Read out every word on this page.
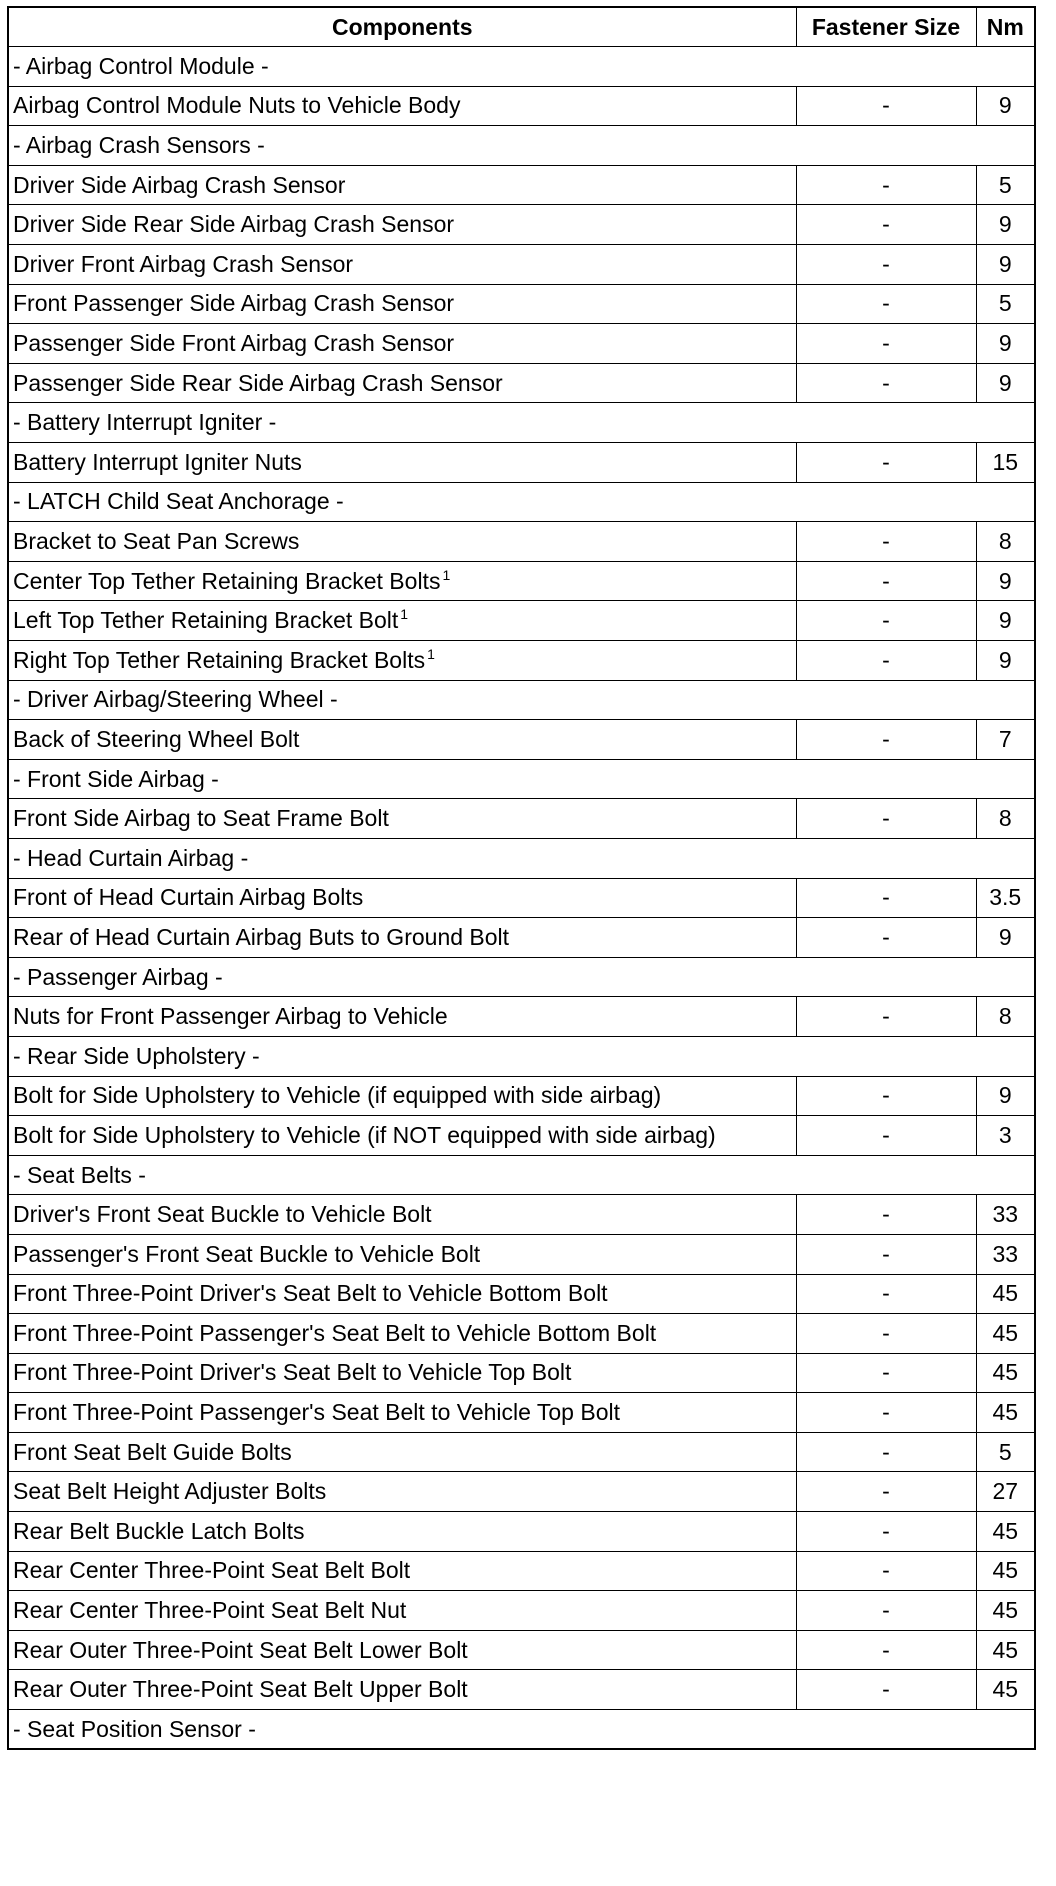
Components	Fastener Size	Nm
- Airbag Control Module -		
Airbag Control Module Nuts to Vehicle Body	-	9
- Airbag Crash Sensors -		
Driver Side Airbag Crash Sensor	-	5
Driver Side Rear Side Airbag Crash Sensor	-	9
Driver Front Airbag Crash Sensor	-	9
Front Passenger Side Airbag Crash Sensor	-	5
Passenger Side Front Airbag Crash Sensor	-	9
Passenger Side Rear Side Airbag Crash Sensor	-	9
- Battery Interrupt Igniter -		
Battery Interrupt Igniter Nuts	-	15
- LATCH Child Seat Anchorage -		
Bracket to Seat Pan Screws	-	8
Center Top Tether Retaining Bracket Bolts $^1$	-	9
Left Top Tether Retaining Bracket Bolt $^1$	-	9
Right Top Tether Retaining Bracket Bolts $^1$	-	9
- Driver Airbag/Steering Wheel -		
Back of Steering Wheel Bolt	-	7
- Front Side Airbag -		
Front Side Airbag to Seat Frame Bolt	-	8
- Head Curtain Airbag -		
Front of Head Curtain Airbag Bolts	-	3.5
Rear of Head Curtain Airbag Buts to Ground Bolt	-	9
- Passenger Airbag -		
Nuts for Front Passenger Airbag to Vehicle	-	8
- Rear Side Upholstery -		
Bolt for Side Upholstery to Vehicle (if equipped with side airbag)	-	9
Bolt for Side Upholstery to Vehicle (if NOT equipped with side airbag)	-	3
- Seat Belts -		
Driver's Front Seat Buckle to Vehicle Bolt	-	33
Passenger's Front Seat Buckle to Vehicle Bolt	-	33
Front Three-Point Driver's Seat Belt to Vehicle Bottom Bolt	-	45
Front Three-Point Passenger's Seat Belt to Vehicle Bottom Bolt	-	45
Front Three-Point Driver's Seat Belt to Vehicle Top Bolt	-	45
Front Three-Point Passenger's Seat Belt to Vehicle Top Bolt	-	45
Front Seat Belt Guide Bolts	-	5
Seat Belt Height Adjuster Bolts	-	27
Rear Belt Buckle Latch Bolts	-	45
Rear Center Three-Point Seat Belt Bolt	-	45
Rear Center Three-Point Seat Belt Nut	-	45
Rear Outer Three-Point Seat Belt Lower Bolt	-	45
Rear Outer Three-Point Seat Belt Upper Bolt	-	45
- Seat Position Sensor -		
